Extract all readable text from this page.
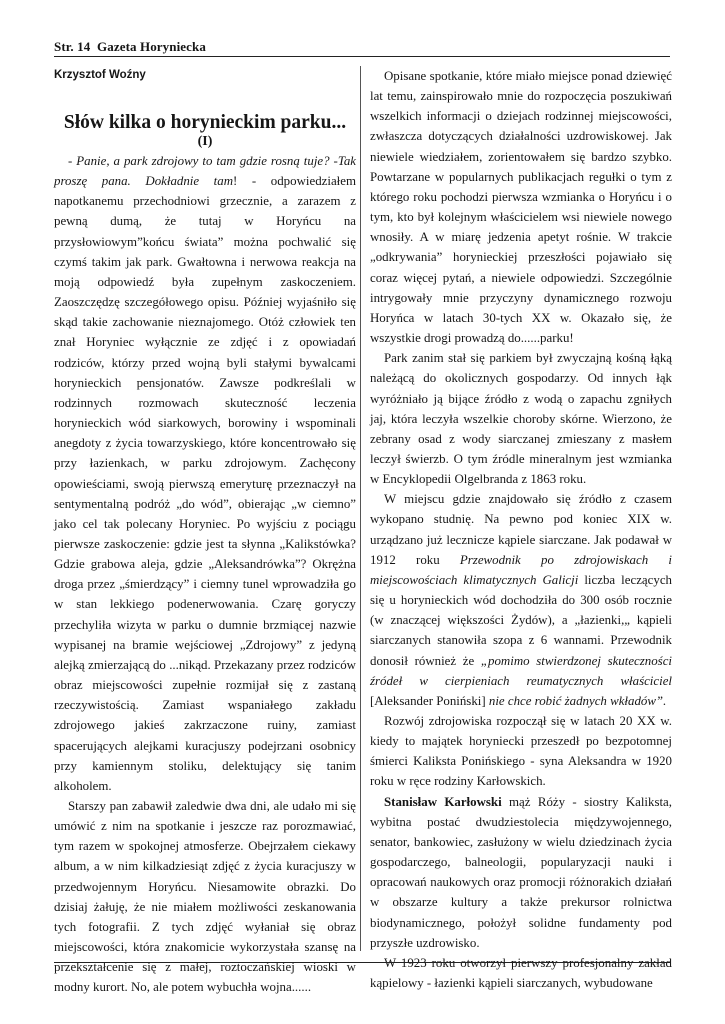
Str. 14 Gazeta Horyniecka
Krzysztof Woźny
Słów kilka o horynieckim parku...
(I)

- Panie, a park zdrojowy to tam gdzie rosną tuje? -Tak proszę pana. Dokładnie tam! - odpowiedziałem napotkanemu przechodniowi grzecznie, a zarazem z pewną dumą, że tutaj w Horyńcu na przysłowiowym”końcu świata” można pochwalić się czymś takim jak park. Gwałtowna i nerwowa reakcja na moją odpowiedź była zupełnym zaskoczeniem. Zaoszczędzę szczegółowego opisu. Później wyjaśniło się skąd takie zachowanie nieznajomego. Otóż człowiek ten znał Horyniec wyłącznie ze zdjęć i z opowiadań rodziców, którzy przed wojną byli stałymi bywalcami horynieckich pensjonatów. Zawsze podkreślali w rodzinnych rozmowach skuteczność leczenia horynieckich wód siarkowych, borowiny i wspominali anegdoty z życia towarzyskiego, które koncentrowało się przy łazienkach, w parku zdrojowym. Zachęcony opowieściami, swoją pierwszą emeryturę przeznaczył na sentymentalną podróż „do wód”, obierając „w ciemno” jako cel tak polecany Horyniec. Po wyjściu z pociągu pierwsze zaskoczenie: gdzie jest ta słynna „Kalikstówka? Gdzie grabowa aleja, gdzie „Aleksandrówka”? Okrężna droga przez „śmierdzący” i ciemny tunel wprowadziła go w stan lekkiego podenerwowania. Czarę goryczy przechyliła wizyta w parku o dumnie brzmiącej nazwie wypisanej na bramie wejściowej „Zdrojowy” z jedyną alejką zmierzającą do ...nikąd. Przekazany przez rodziców obraz miejscowości zupełnie rozmijał się z zastaną rzeczywistością. Zamiast wspaniałego zakładu zdrojowego jakieś zakrzaczone ruiny, zamiast spacerujących alejkami kuracjuszy podejrzani osobnicy przy kamiennym stoliku, delektujący się tanim alkoholem.

Starszy pan zabawił zaledwie dwa dni, ale udało mi się umówić z nim na spotkanie i jeszcze raz porozmawiać, tym razem w spokojnej atmosferze. Obejrzałem ciekawy album, a w nim kilkadziesiąt zdjęć z życia kuracjuszy w przedwojennym Horyńcu. Niesamowite obrazki. Do dzisiaj żałuję, że nie miałem możliwości zeskanowania tych fotografii. Z tych zdjęć wyłaniał się obraz miejscowości, która znakomicie wykorzystała szansę na przekształcenie się z małej, roztoczańskiej wioski w modny kurort. No, ale potem wybuchła wojna......

Opisane spotkanie, które miało miejsce ponad dziewięć lat temu, zainspirowało mnie do rozpoczęcia poszukiwań wszelkich informacji o dziejach rodzinnej miejscowości, zwłaszcza dotyczących działalności uzdrowiskowej. Jak niewiele wiedziałem, zorientowałem się bardzo szybko. Powtarzane w popularnych publikacjach regułki o tym z którego roku pochodzi pierwsza wzmianka o Horyńcu i o tym, kto był kolejnym właścicielem wsi niewiele nowego wnosiły. A w miarę jedzenia apetyt rośnie. W trakcie „odkrywania” horynieckiej przeszłości pojawiało się coraz więcej pytań, a niewiele odpowiedzi. Szczególnie intrygowały mnie przyczyny dynamicznego rozwoju Horyńca w latach 30-tych XX w. Okazało się, że wszystkie drogi prowadzą do......parku!

Park zanim stał się parkiem był zwyczajną kośną łąką należącą do okolicznych gospodarzy. Od innych łąk wyróżniało ją bijące źródło z wodą o zapachu zgniłych jaj, która leczyła wszelkie choroby skórne. Wierzono, że zebrany osad z wody siarczanej zmieszany z masłem leczył świerzb. O tym źródle mineralnym jest wzmianka w Encyklopedii Olgelbranda z 1863 roku.

W miejscu gdzie znajdowało się źródło z czasem wykopano studnię. Na pewno pod koniec XIX w. urządzano już lecznicze kąpiele siarczane. Jak podawał w 1912 roku Przewodnik po zdrojowiskach i miejscowościach klimatycznych Galicji liczba leczących się u horynieckich wód dochodziła do 300 osób rocznie (w znaczącej większości Żydów), a „łazienki,„ kąpieli siarczanych stanowiła szopa z 6 wannami. Przewodnik donosił również że „pomimo stwierdzonej skuteczności źródeł w cierpieniach reumatycznych właściciel [Aleksander Poniński] nie chce robić żadnych wkładów”.

Rozwój zdrojowiska rozpoczął się w latach 20 XX w. kiedy to majątek horyniecki przeszedł po bezpotomnej śmierci Kaliksta Ponińskiego - syna Aleksandra w 1920 roku w ręce rodziny Karłowskich.

Stanisław Karłowski mąż Róży - siostry Kaliksta, wybitna postać dwudziestolecia międzywojennego, senator, bankowiec, zasłużony w wielu dziedzinach życia gospodarczego, balneologii, popularyzacji nauki i opracowań naukowych oraz promocji różnorakich działań w obszarze kultury a także prekursor rolnictwa biodynamicznego, położył solidne fundamenty pod przyszłe uzdrowisko.

W 1923 roku otworzył pierwszy profesjonalny zakład kąpielowy - łazienki kąpieli siarczanych, wybudowane
